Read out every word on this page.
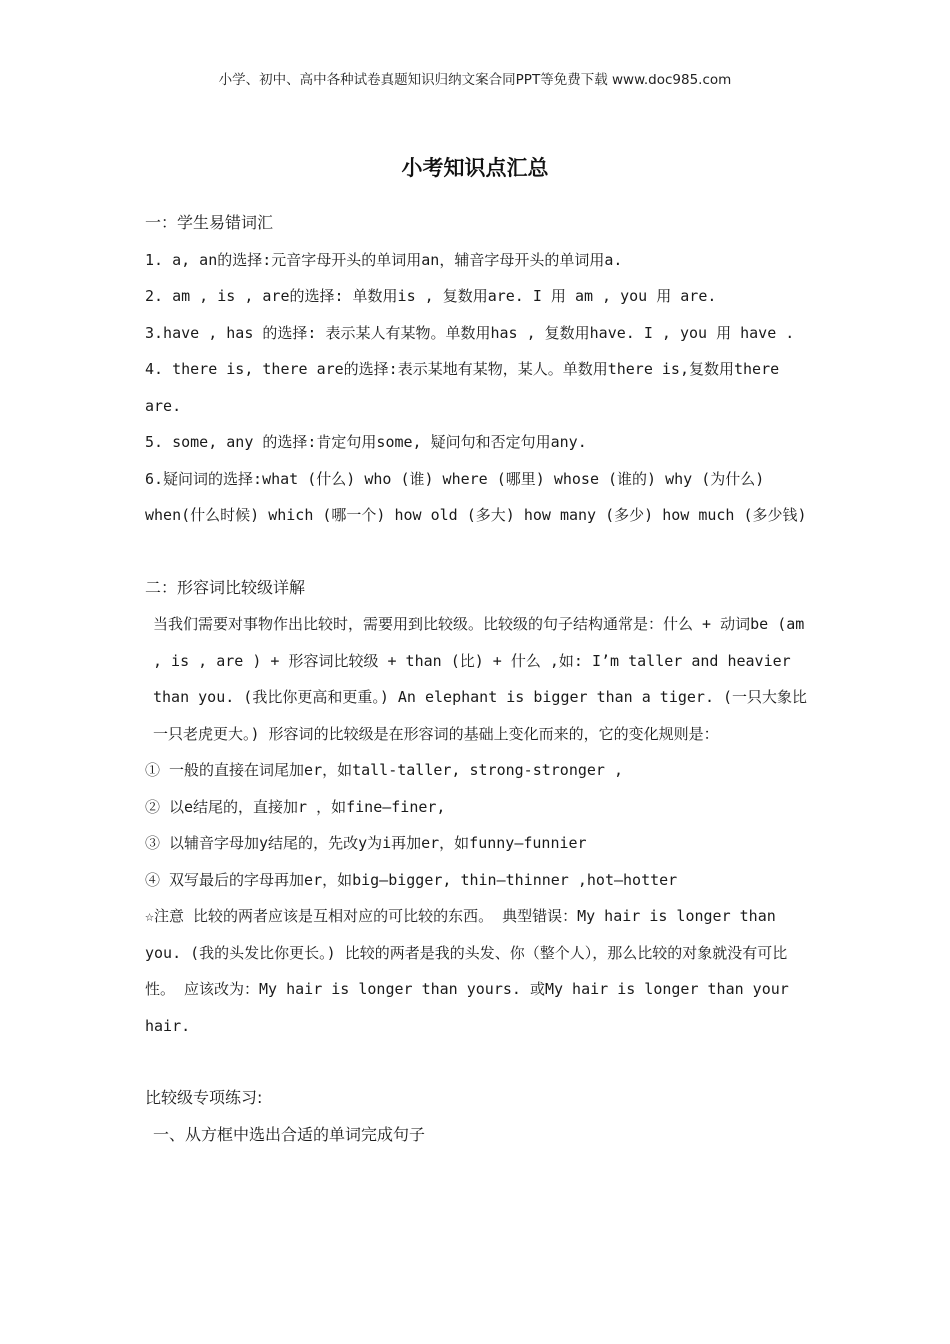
小学、初中、高中各种试卷真题知识归纳文案合同PPT等免费下载 www.doc985.com
小考知识点汇总

一：学生易错词汇

1. a, an的选择:元音字母开头的单词用an，辅音字母开头的单词用a.

2. am , is , are的选择: 单数用is , 复数用are. I 用 am , you 用 are.

3.have , has 的选择: 表示某人有某物。单数用has , 复数用have. I , you 用 have . 4. there is, there are的选择:表示某地有某物，某人。单数用there is,复数用there are.

5. some, any 的选择:肯定句用some, 疑问句和否定句用any.

6.疑问词的选择:what (什么) who (谁) where (哪里) whose (谁的) why (为什么) when(什么时候) which (哪一个) how old (多大) how many (多少) how much (多少钱)

二：形容词比较级详解

当我们需要对事物作出比较时，需要用到比较级。比较级的句子结构通常是：什么 + 动词be (am , is , are ) + 形容词比较级 + than (比) + 什么 ,如: I’m taller and heavier than you. (我比你更高和更重。) An elephant is bigger than a tiger. (一只大象比一只老虎更大。) 形容词的比较级是在形容词的基础上变化而来的，它的变化规则是：

① 一般的直接在词尾加er，如tall-taller, strong-stronger ,

② 以e结尾的，直接加r ，如fine–finer,

③ 以辅音字母加y结尾的，先改y为i再加er，如funny–funnier

④ 双写最后的字母再加er，如big–bigger, thin–thinner ,hot–hotter

☆注意 比较的两者应该是互相对应的可比较的东西。 典型错误：My hair is longer than you. (我的头发比你更长。) 比较的两者是我的头发、你（整个人），那么比较的对象就没有可比性。 应该改为：My hair is longer than yours. 或My hair is longer than your hair.

比较级专项练习:

一、从方框中选出合适的单词完成句子
